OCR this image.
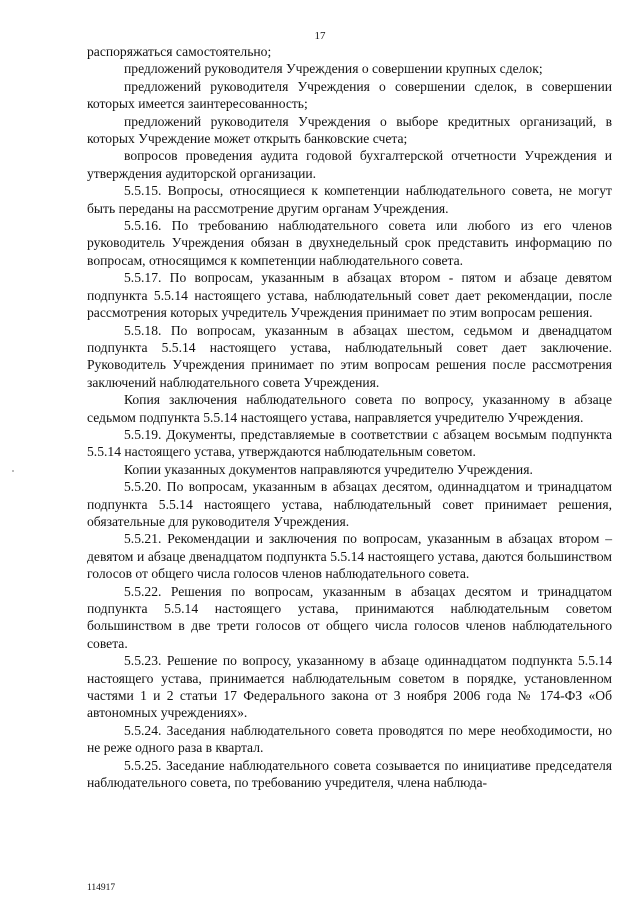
17

распоряжаться самостоятельно;

предложений руководителя Учреждения о совершении крупных сделок;

предложений руководителя Учреждения о совершении сделок, в совершении которых имеется заинтересованность;

предложений руководителя Учреждения о выборе кредитных организаций, в которых Учреждение может открыть банковские счета;

вопросов проведения аудита годовой бухгалтерской отчетности Учреждения и утверждения аудиторской организации.

5.5.15. Вопросы, относящиеся к компетенции наблюдательного совета, не могут быть переданы на рассмотрение другим органам Учреждения.

5.5.16. По требованию наблюдательного совета или любого из его членов руководитель Учреждения обязан в двухнедельный срок представить информацию по вопросам, относящимся к компетенции наблюдательного совета.

5.5.17. По вопросам, указанным в абзацах втором - пятом и абзаце девятом подпункта 5.5.14 настоящего устава, наблюдательный совет дает рекомендации, после рассмотрения которых учредитель Учреждения принимает по этим вопросам решения.

5.5.18. По вопросам, указанным в абзацах шестом, седьмом и двенадцатом подпункта 5.5.14 настоящего устава, наблюдательный совет дает заключение. Руководитель Учреждения принимает по этим вопросам решения после рассмотрения заключений наблюдательного совета Учреждения.

Копия заключения наблюдательного совета по вопросу, указанному в абзаце седьмом подпункта 5.5.14 настоящего устава, направляется учредителю Учреждения.

5.5.19. Документы, представляемые в соответствии с абзацем восьмым подпункта 5.5.14 настоящего устава, утверждаются наблюдательным советом.

Копии указанных документов направляются учредителю Учреждения.

5.5.20. По вопросам, указанным в абзацах десятом, одиннадцатом и тринадцатом подпункта 5.5.14 настоящего устава, наблюдательный совет принимает решения, обязательные для руководителя Учреждения.

5.5.21. Рекомендации и заключения по вопросам, указанным в абзацах втором – девятом и абзаце двенадцатом подпункта 5.5.14 настоящего устава, даются большинством голосов от общего числа голосов членов наблюдательного совета.

5.5.22. Решения по вопросам, указанным в абзацах десятом и тринадцатом подпункта 5.5.14 настоящего устава, принимаются наблюдательным советом большинством в две трети голосов от общего числа голосов членов наблюдательного совета.

5.5.23. Решение по вопросу, указанному в абзаце одиннадцатом подпункта 5.5.14 настоящего устава, принимается наблюдательным советом в порядке, установленном частями 1 и 2 статьи 17 Федерального закона от 3 ноября 2006 года № 174-ФЗ «Об автономных учреждениях».

5.5.24. Заседания наблюдательного совета проводятся по мере необходимости, но не реже одного раза в квартал.

5.5.25. Заседание наблюдательного совета созывается по инициативе председателя наблюдательного совета, по требованию учредителя, члена наблюда-

114917
